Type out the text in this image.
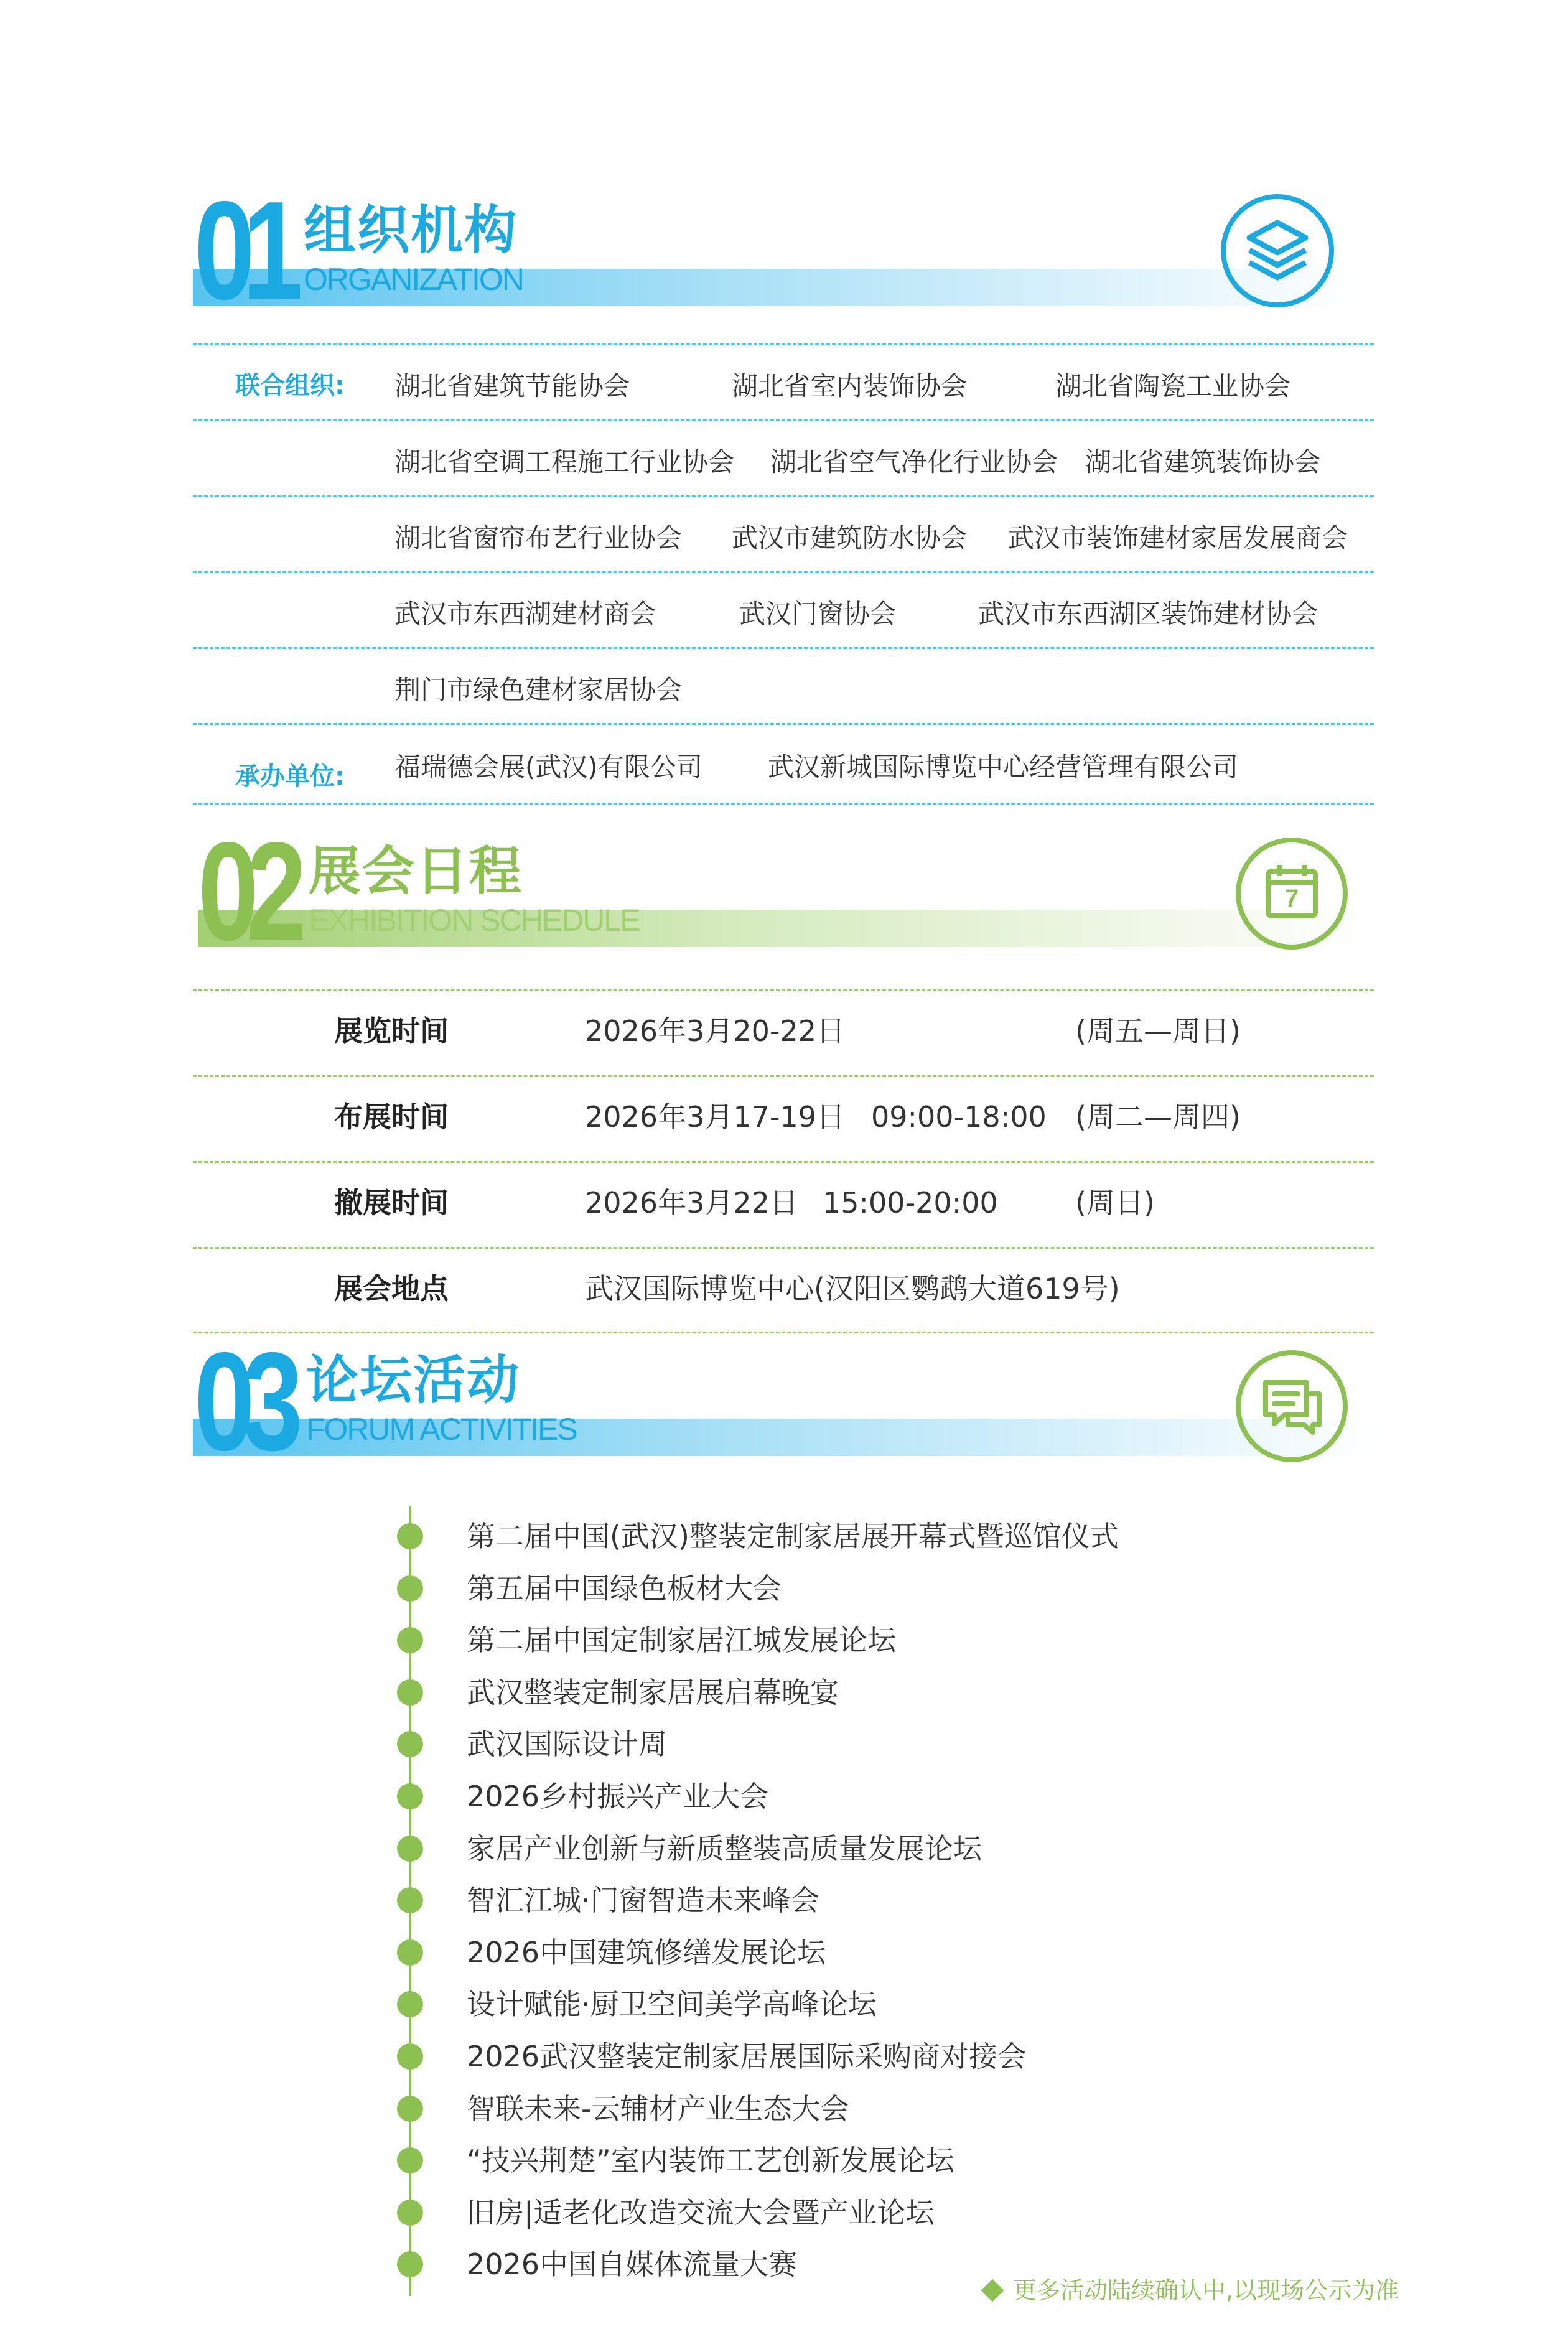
01 组织机构
ORGANIZATION
联合组织: 湖北省建筑节能协会	湖北省室内装饰协会	湖北省陶瓷工业协会
湖北省空调工程施工行业协会 湖北省空气净化行业协会 湖北省建筑装饰协会
湖北省窗帘布艺行业协会 武汉市建筑防水协会 武汉市装饰建材家居发展商会
武汉市东西湖建材商会	武汉门窗协会	武汉市东西湖区装饰建材协会
荆门市绿色建材家居协会
承办单位: 福瑞德会展(武汉)有限公司	武汉新城国际博览中心经营管理有限公司
02 展会日程
EXHIBITION SCHEDULE
7
展览时间	2026年3月20-22日	(周五—周日)
布展时间	2026年3月17-19日 09:00-18:00 (周二—周四)
撤展时间	2026年3月22日 15:00-20:00	(周日)
展会地点	武汉国际博览中心(汉阳区鹦鹉大道619号)
03 论坛活动
FORUM ACTIVITIES
第二届中国(武汉)整装定制家居展开幕式暨巡馆仪式
第五届中国绿色板材大会
第二届中国定制家居江城发展论坛
武汉整装定制家居展启幕晚宴
武汉国际设计周
2026乡村振兴产业大会
家居产业创新与新质整装高质量发展论坛
智汇江城·门窗智造未来峰会
2026中国建筑修缮发展论坛
设计赋能·厨卫空间美学高峰论坛
2026武汉整装定制家居展国际采购商对接会
智联未来-云辅材产业生态大会
“技兴荆楚”室内装饰工艺创新发展论坛
旧房|适老化改造交流大会暨产业论坛
2026中国自媒体流量大赛
更多活动陆续确认中,以现场公示为准
